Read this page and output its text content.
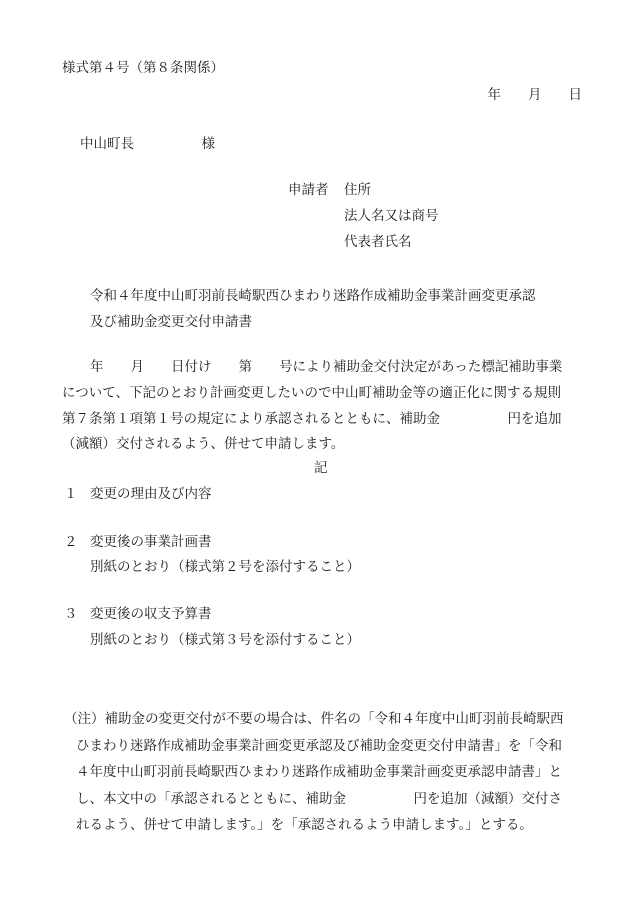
様式第４号（第８条関係）
年　　月　　日
中山町長　　　　　様
申請者 住所
法人名又は商号
代表者氏名
令和４年度中山町羽前長崎駅西ひまわり迷路作成補助金事業計画変更承認
及び補助金変更交付申請書
年　　月　　日付け　　第　　号により補助金交付決定があった標記補助事業
について、下記のとおり計画変更したいので中山町補助金等の適正化に関する規則
第７条第１項第１号の規定により承認されるとともに、補助金　　　　　円を追加
（減額）交付されるよう、併せて申請します。
記
１ 変更の理由及び内容
２ 変更後の事業計画書
別紙のとおり（様式第２号を添付すること）
３ 変更後の収支予算書
別紙のとおり（様式第３号を添付すること）
（注）補助金の変更交付が不要の場合は、件名の「令和４年度中山町羽前長崎駅西
ひまわり迷路作成補助金事業計画変更承認及び補助金変更交付申請書」を「令和
４年度中山町羽前長崎駅西ひまわり迷路作成補助金事業計画変更承認申請書」と
し、本文中の「承認されるとともに、補助金　　　　　円を追加（減額）交付さ
れるよう、併せて申請します。」を「承認されるよう申請します。」とする。
